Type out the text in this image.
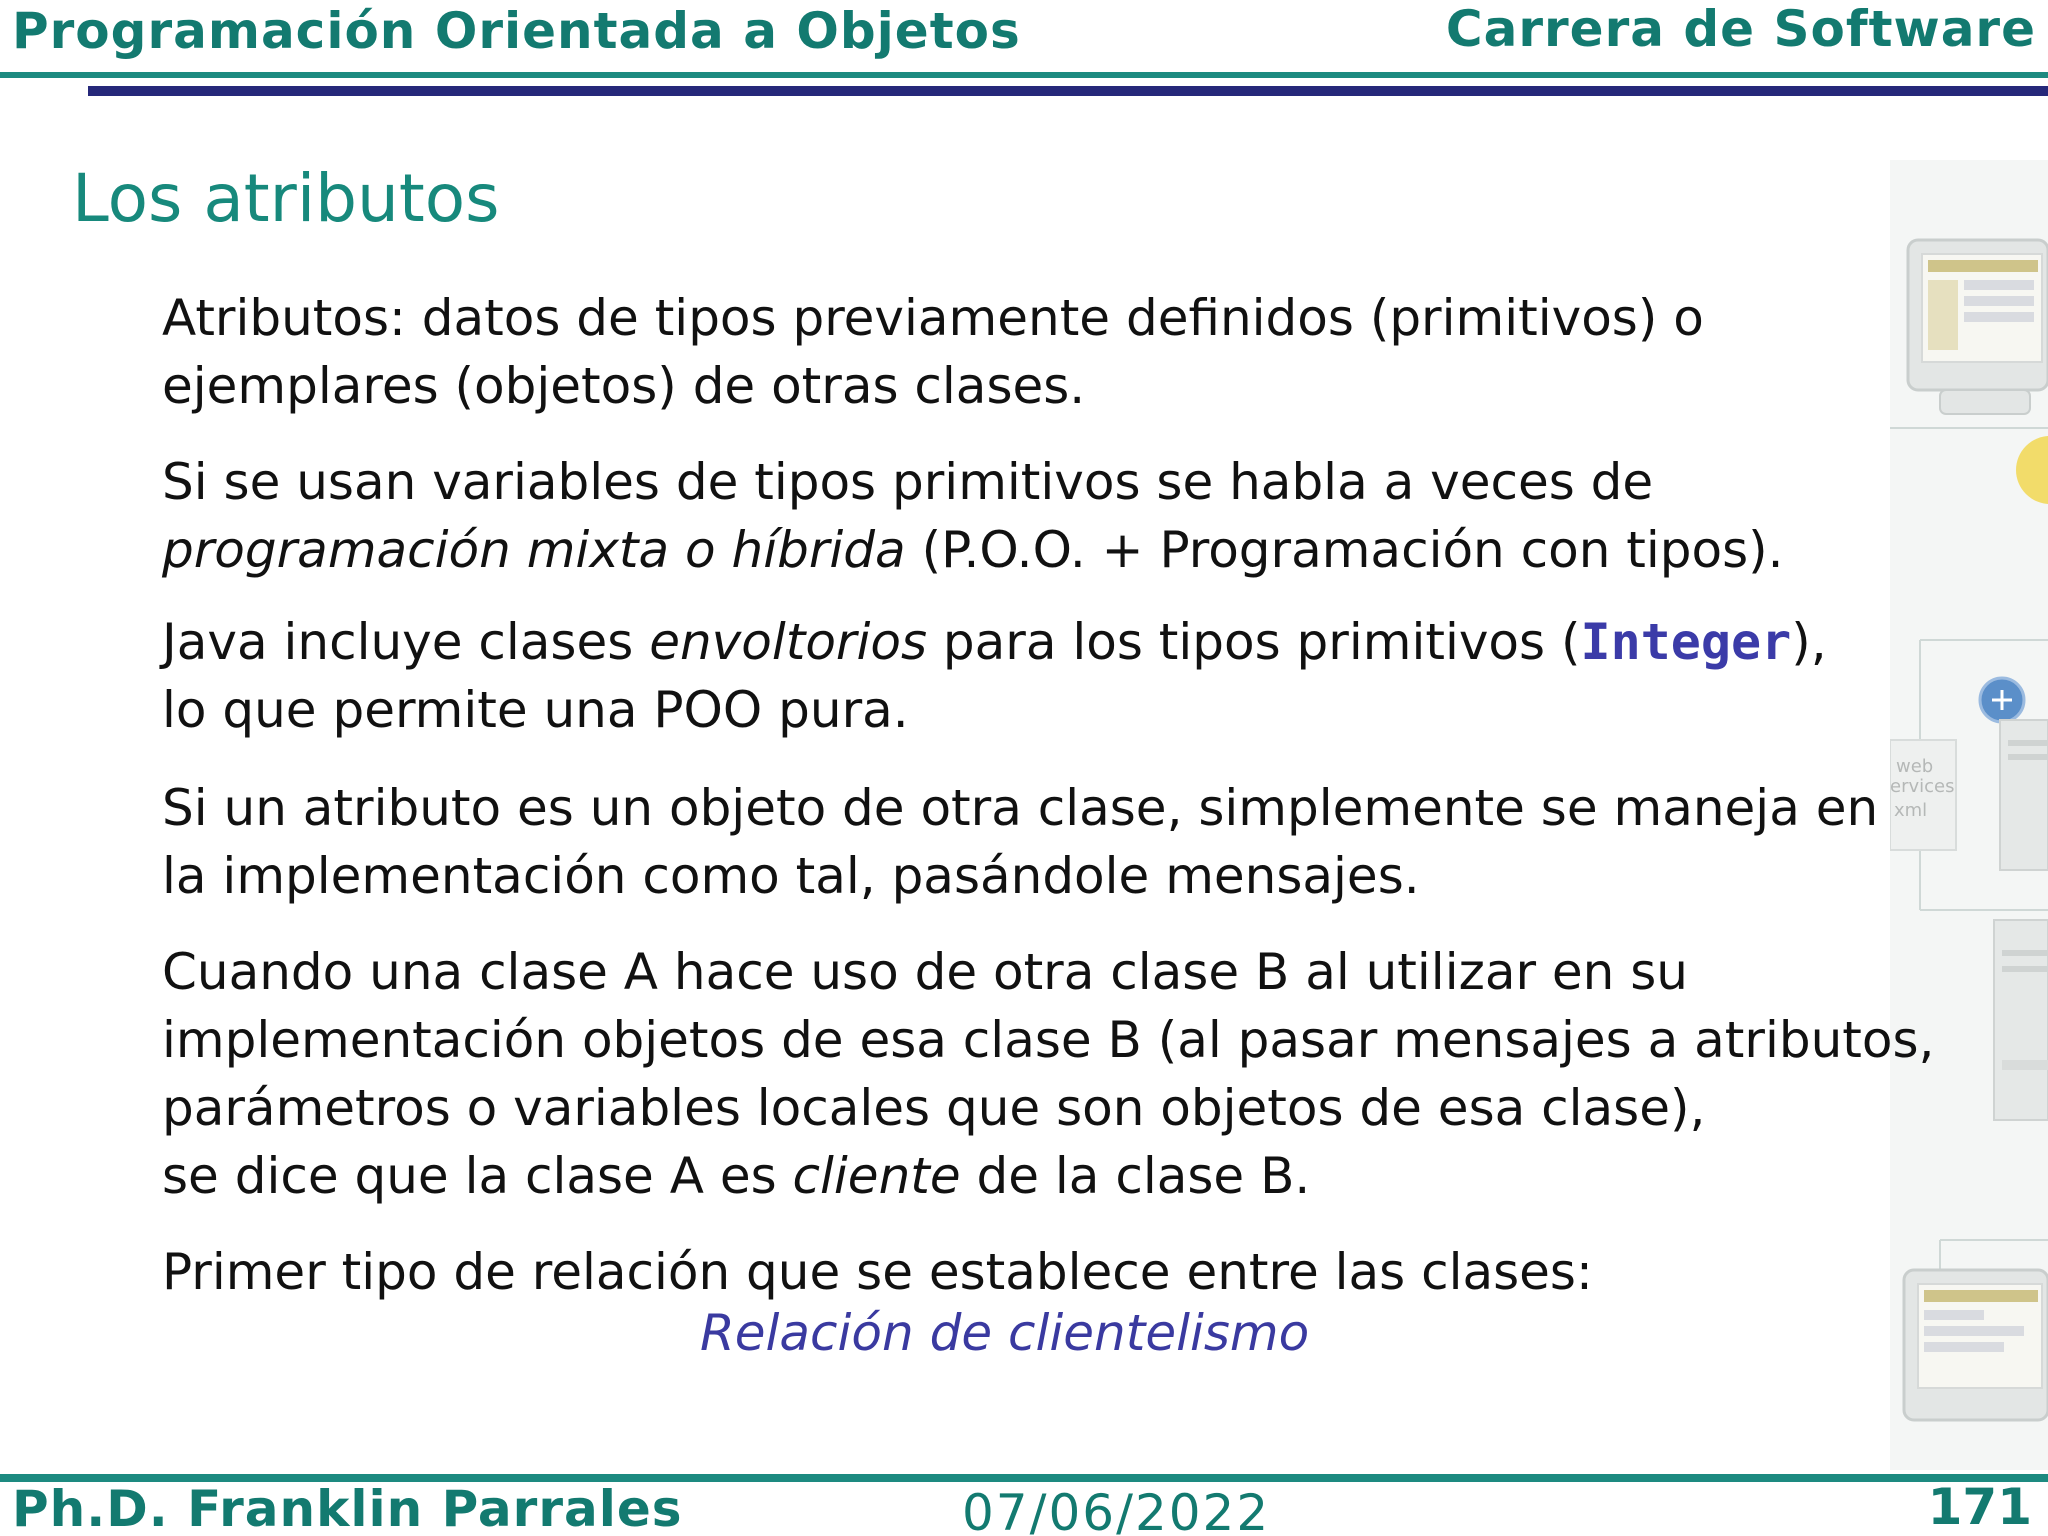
Programación Orientada a Objetos	Carrera de Software
web
ervices
xml
Los atributos
Atributos: datos de tipos previamente definidos (primitivos) o
ejemplares (objetos) de otras clases.
Si se usan variables de tipos primitivos se habla a veces de
programación mixta o híbrida (P.O.O. + Programación con tipos).
Java incluye clases envoltorios para los tipos primitivos (Integer),
lo que permite una POO pura.
Si un atributo es un objeto de otra clase, simplemente se maneja en
la implementación como tal, pasándole mensajes.
Cuando una clase A hace uso de otra clase B al utilizar en su
implementación objetos de esa clase B (al pasar mensajes a atributos,
parámetros o variables locales que son objetos de esa clase),
se dice que la clase A es cliente de la clase B.
Primer tipo de relación que se establece entre las clases:
Relación de clientelismo
Ph.D. Franklin Parrales	07/06/2022	171
